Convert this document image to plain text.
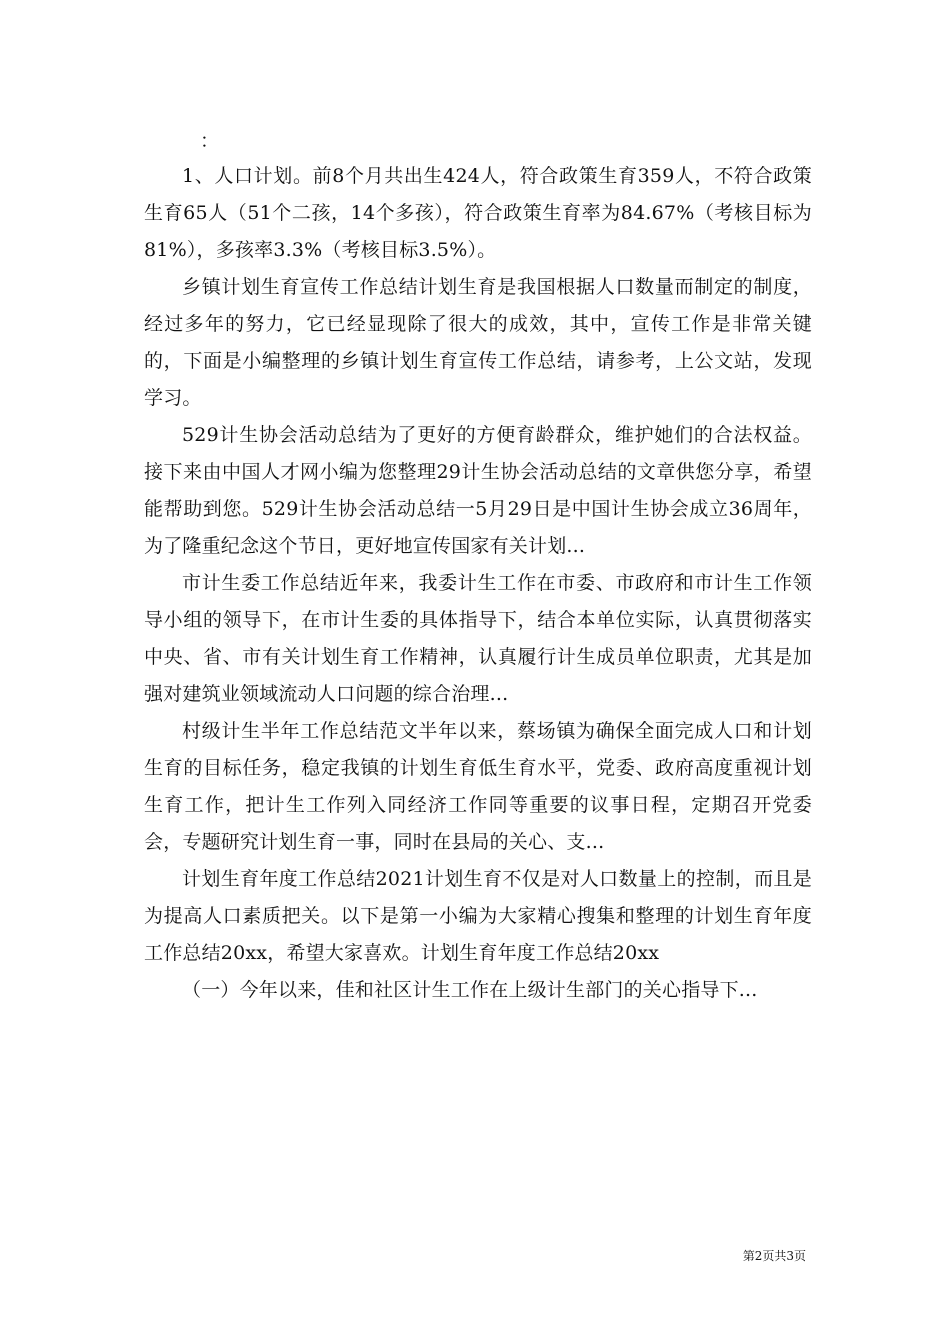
：

1、人口计划。前8个月共出生424人，符合政策生育359人，不符合政策生育65人（51个二孩，14个多孩），符合政策生育率为84.67%（考核目标为81%），多孩率3.3%（考核目标3.5%）。

乡镇计划生育宣传工作总结计划生育是我国根据人口数量而制定的制度，经过多年的努力，它已经显现除了很大的成效，其中，宣传工作是非常关键的，下面是小编整理的乡镇计划生育宣传工作总结，请参考，上公文站，发现学习。

529计生协会活动总结为了更好的方便育龄群众，维护她们的合法权益。接下来由中国人才网小编为您整理29计生协会活动总结的文章供您分享，希望能帮助到您。529计生协会活动总结一5月29日是中国计生协会成立36周年，为了隆重纪念这个节日，更好地宣传国家有关计划...

市计生委工作总结近年来，我委计生工作在市委、市政府和市计生工作领导小组的领导下，在市计生委的具体指导下，结合本单位实际，认真贯彻落实中央、省、市有关计划生育工作精神，认真履行计生成员单位职责，尤其是加强对建筑业领域流动人口问题的综合治理...

村级计生半年工作总结范文半年以来，蔡场镇为确保全面完成人口和计划生育的目标任务，稳定我镇的计划生育低生育水平，党委、政府高度重视计划生育工作，把计生工作列入同经济工作同等重要的议事日程，定期召开党委会，专题研究计划生育一事，同时在县局的关心、支...

计划生育年度工作总结2021计划生育不仅是对人口数量上的控制，而且是为提高人口素质把关。以下是第一小编为大家精心搜集和整理的计划生育年度工作总结20xx，希望大家喜欢。计划生育年度工作总结20xx

（一）今年以来，佳和社区计生工作在上级计生部门的关心指导下...

第2页共3页
